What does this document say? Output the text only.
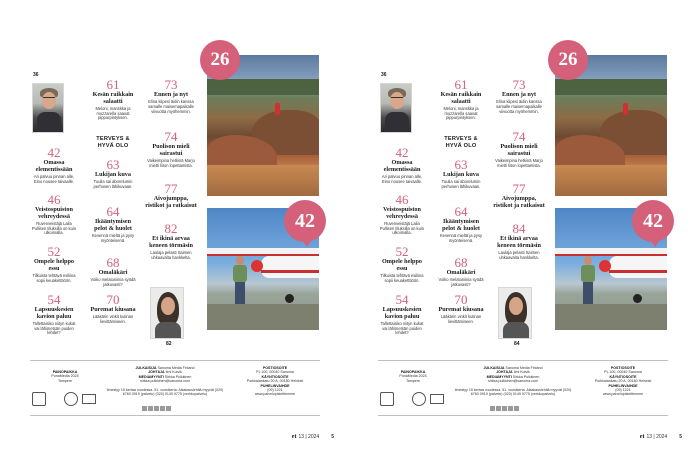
36
42
Omassa elementissään
Ari palvuu pinnan alle, Eino nousee taivaalle.
46
Veistospuiston vehreydessä
Ruvenveistäjä Laila Pullisen tiluksilla on kuin ulkoimalla.
52
Ompele helppo essu
Tilkuista tehtävä esiliina sopii keuaketttiöön.
54
Lapsuuskesien kavion paluu
Tallettaisiko niityn kukat vai lähimetsän puiden lehdet?
61
Kesän raikkain salaatti
Meloni, manskka ja mozzarella saavat pippurpintyksen.
TERVEYS & HYVÄ OLO
63
Lukijan kuva
Tuulia sai aborelumin perhosen lähikuvaan.
64
Ikääntymisen pelot & huolet
Kevennä mieltä ja pysy myönteisenä.
68
Omaläkäri
Voiko melatoniinia syödä jatkuvasti?
70
Puremat kiusana
Lääkärin vinkit kutinan lievittämiseen.
73
Ennen ja nyt
Elina kiipesi äidin kanssa samalle maisemapaikalle viivuotta myöhemmin.
74
Puolison mieli sairastui
Vaikeimpina hetkinä Marjo mietti liiton lopettamista.
77
Aivojumppa, ristikot ja ratkaisut
82
Et ikinä arvaa keneen törmäsin
Laulaja pelasti Saimen uhkaavalta hankkelta.
82
26
42
PAINOPAIKKA
PunaMedia 2024
Tampere
JULKAISIJA Sanoma Media Finland
JOHTAJA Ilmi Kuivik
MEDIAMYYNTI Sirkka Pulkkinen
sirkka.pulkkinen@sanoma.com

Ilmestyy 15 kertaa vuodessa. 51. vuosikerta. Aikakauslehtiä myyvät (020) 6760 0919 (palvelu) (020) 0149 9775 (verkkopalvelu)
POSTIOSOITE
PL 100, 00040 Sanoma
KÄYNTIOSOITE
Porkkalankatu 20 A, 00180 Helsinki
PUHELINVAIHDE
(09) 1221
www.palvelupisteittemme
et 13 | 2024 5
36
42
Omassa elementissään
Ari palvuu pinnan alle, Eino nousee taivaalle.
46
Veistospuiston vehreydessä
Ruvenveistäjä Laila Pullisen tiluksilla on kuin ulkoimalla.
52
Ompele helppo essu
Tilkuista tehtävä esiliina sopii keuaketttiöön.
54
Lapsuuskesien kavion paluu
Tallettaisiko niityn kukat vai lähimetsän puiden lehdet?
61
Kesän raikkain salaatti
Meloni, manskka ja mozzarella saavat pippurpintyksen.
TERVEYS & HYVÄ OLO
63
Lukijan kuva
Tuulia sai aborelumin perhosen lähikuvaan.
64
Ikääntymisen pelot & huolet
Kevennä mieltä ja pysy myönteisenä.
68
Omaläkäri
Voiko melatoniinia syödä jatkuvasti?
70
Puremat kiusana
Lääkärin vinkit kutinan lievittämiseen.
73
Ennen ja nyt
Elina kiipesi äidin kanssa samalle maisemapaikalle viivuotta myöhemmin.
74
Puolison mieli sairastui
Vaikeimpina hetkinä Marjo mietti liiton lopettamista.
77
Aivojumppa, ristikot ja ratkaisut
84
Et ikinä arvaa keneen törmäsin
Laulaja pelasti Saimen uhkaavalta hankkelta.
84
26
42
PAINOPAIKKA
PunaMedia 2024
Tampere
JULKAISIJA Sanoma Media Finland
JOHTAJA Ilmi Kuivik
MEDIAMYYNTI Sirkka Pulkkinen
sirkka.pulkkinen@sanoma.com

Ilmestyy 15 kertaa vuodessa. 51. vuosikerta. Aikakauslehtiä myyvät (020) 6760 0919 (palvelu) (020) 0149 9775 (verkkopalvelu)
POSTIOSOITE
PL 100, 00040 Sanoma
KÄYNTIOSOITE
Porkkalankatu 20 A, 00180 Helsinki
PUHELINVAIHDE
(09) 1221
www.palvelupisteittemme
et 13 | 2024 5
